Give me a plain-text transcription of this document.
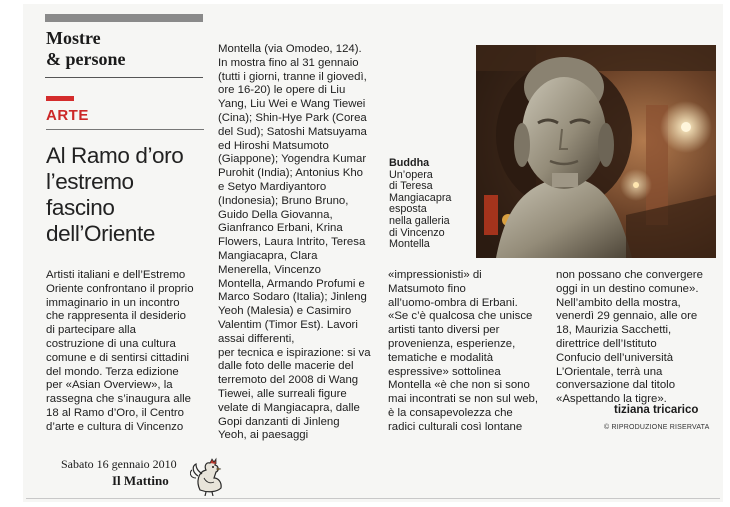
Mostre
& persone
ARTE
Al Ramo d’oro
l’estremo
fascino
dell’Oriente
Artisti italiani e dell’Estremo
Oriente confrontano il proprio
immaginario in un incontro
che rappresenta il desiderio
di partecipare alla
costruzione di una cultura
comune e di sentirsi cittadini
del mondo. Terza edizione
per «Asian Overview», la
rassegna che s’inaugura alle
18 al Ramo d’Oro, il Centro
d’arte e cultura di Vincenzo
Montella (via Omodeo, 124).
In mostra fino al 31 gennaio
(tutti i giorni, tranne il giovedì,
ore 16-20) le opere di Liu
Yang, Liu Wei e Wang Tiewei
(Cina); Shin-Hye Park (Corea
del Sud); Satoshi Matsuyama
ed Hiroshi Matsumoto
(Giappone); Yogendra Kumar
Purohit (India); Antonius Kho
e Setyo Mardiyantoro
(Indonesia); Bruno Bruno,
Guido Della Giovanna,
Gianfranco Erbani, Krina
Flowers, Laura Intrito, Teresa
Mangiacapra, Clara
Menerella, Vincenzo
Montella, Armando Profumi e
Marco Sodaro (Italia); Jinleng
Yeoh (Malesia) e Casimiro
Valentim (Timor Est). Lavori
assai differenti,
per tecnica e ispirazione: si va
dalle foto delle macerie del
terremoto del 2008 di Wang
Tiewei, alle surreali figure
velate di Mangiacapra, dalle
Gopi danzanti di Jinleng
Yeoh, ai paesaggi
«impressionisti» di
Matsumoto fino
all’uomo-ombra di Erbani.
«Se c’è qualcosa che unisce
artisti tanto diversi per
provenienza, esperienze,
tematiche e modalità
espressive» sottolinea
Montella «è che non si sono
mai incontrati se non sul web,
è la consapevolezza che
radici culturali così lontane
non possano che convergere
oggi in un destino comune».
Nell’ambito della mostra,
venerdì 29 gennaio, alle ore
18, Maurizia Sacchetti,
direttrice dell’Istituto
Confucio dell’università
L’Orientale, terrà una
conversazione dal titolo
«Aspettando la tigre».
tiziana tricarico
© RIPRODUZIONE RISERVATA
Buddha
Un’opera
di Teresa
Mangiacapra
esposta
nella galleria
di Vincenzo
Montella
Sabato 16 gennaio 2010
Il Mattino
